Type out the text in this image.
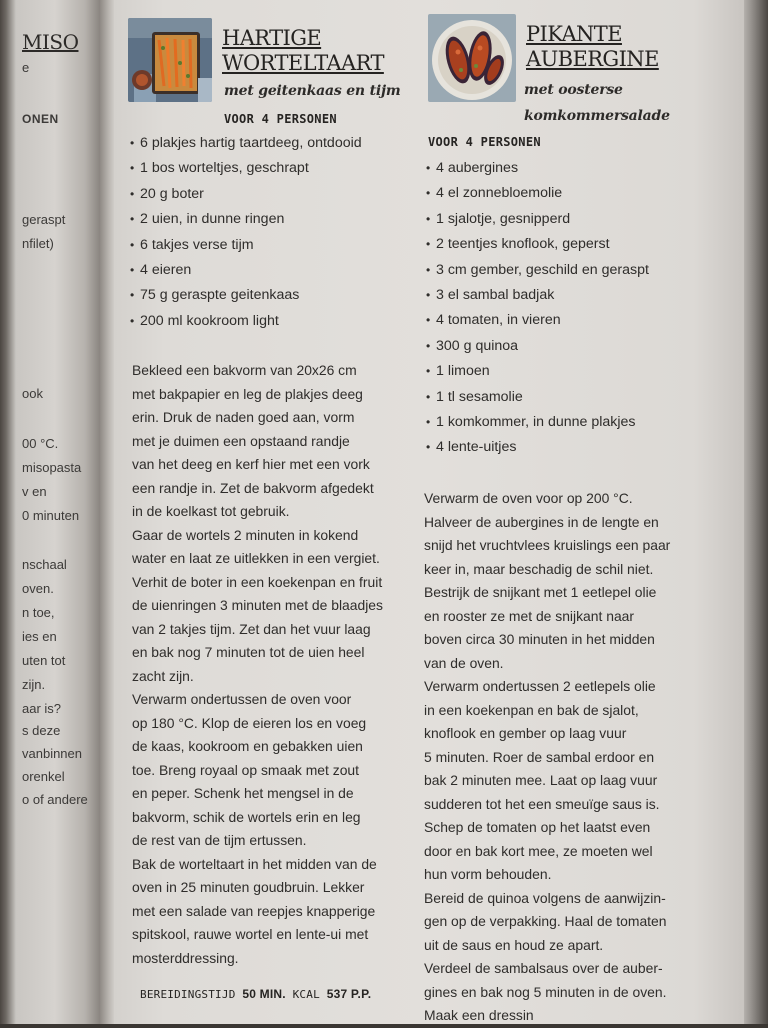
MISO
e
ONEN
geraspt
nfilet)
ook
00 °C.
misopasta
v en
0 minuten
nschaal
oven.
n toe,
ies en
uten tot
zijn.
aar is?
s deze
vanbinnen
orenkel
o of andere
HARTIGE
WORTELTAART
met geitenkaas en tijm
VOOR 4 PERSONEN
• 6 plakjes hartig taartdeeg, ontdooid
• 1 bos worteltjes, geschrapt
• 20 g boter
• 2 uien, in dunne ringen
• 6 takjes verse tijm
• 4 eieren
• 75 g geraspte geitenkaas
• 200 ml kookroom light

Bekleed een bakvorm van 20x26 cm

met bakpapier en leg de plakjes deeg

erin. Druk de naden goed aan, vorm

met je duimen een opstaand randje

van het deeg en kerf hier met een vork

een randje in. Zet de bakvorm afgedekt

in de koelkast tot gebruik.

Gaar de wortels 2 minuten in kokend

water en laat ze uitlekken in een vergiet.

Verhit de boter in een koekenpan en fruit

de uienringen 3 minuten met de blaadjes

van 2 takjes tijm. Zet dan het vuur laag

en bak nog 7 minuten tot de uien heel

zacht zijn.

Verwarm ondertussen de oven voor

op 180 °C. Klop de eieren los en voeg

de kaas, kookroom en gebakken uien

toe. Breng royaal op smaak met zout

en peper. Schenk het mengsel in de

bakvorm, schik de wortels erin en leg

de rest van de tijm ertussen.

Bak de worteltaart in het midden van de

oven in 25 minuten goudbruin. Lekker

met een salade van reepjes knapperige

spitskool, rauwe wortel en lente-ui met

mosterddressing.

BEREIDINGSTIJD 50 MIN. KCAL 537 P.P.
PIKANTE
AUBERGINE
met oosterse
komkommersalade
VOOR 4 PERSONEN
• 4 aubergines
• 4 el zonnebloemolie
• 1 sjalotje, gesnipperd
• 2 teentjes knoflook, geperst
• 3 cm gember, geschild en geraspt
• 3 el sambal badjak
• 4 tomaten, in vieren
• 300 g quinoa
• 1 limoen
• 1 tl sesamolie
• 1 komkommer, in dunne plakjes
• 4 lente-uitjes

Verwarm de oven voor op 200 °C.

Halveer de aubergines in de lengte en

snijd het vruchtvlees kruislings een paar

keer in, maar beschadig de schil niet.

Bestrijk de snijkant met 1 eetlepel olie

en rooster ze met de snijkant naar

boven circa 30 minuten in het midden

van de oven.

Verwarm ondertussen 2 eetlepels olie

in een koekenpan en bak de sjalot,

knoflook en gember op laag vuur

5 minuten. Roer de sambal erdoor en

bak 2 minuten mee. Laat op laag vuur

sudderen tot het een smeuïge saus is.

Schep de tomaten op het laatst even

door en bak kort mee, ze moeten wel

hun vorm behouden.

Bereid de quinoa volgens de aanwijzin-

gen op de verpakking. Haal de tomaten

uit de saus en houd ze apart.

Verdeel de sambalsaus over de auber-

gines en bak nog 5 minuten in de oven.

Maak een dressin
